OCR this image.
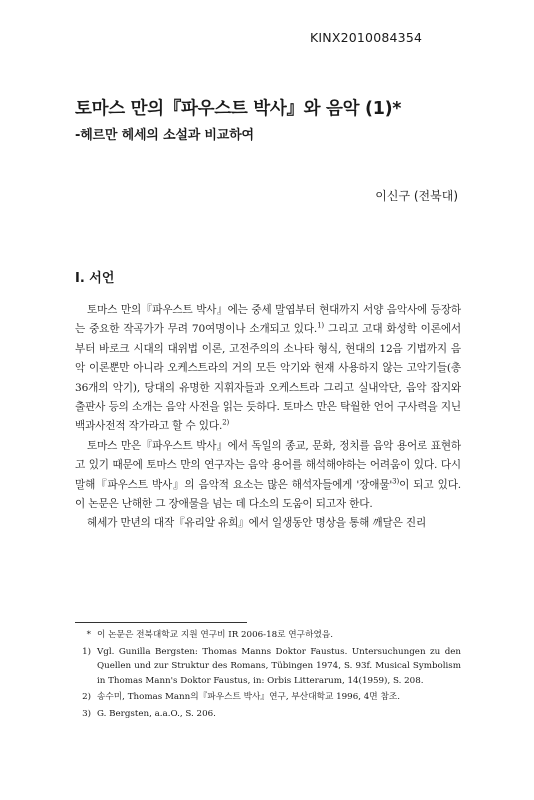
KINX2010084354
토마스 만의『파우스트 박사』와 음악 (1)*
-헤르만 헤세의 소설과 비교하여
이신구 (전북대)
I. 서언

토마스 만의『파우스트 박사』에는 중세 말엽부터 현대까지 서양 음악사에 등장하는 중요한 작곡가가 무려 70여명이나 소개되고 있다.$^{1)}$ 그리고 고대 화성학 이론에서부터 바로크 시대의 대위법 이론, 고전주의의 소나타 형식, 현대의 12음 기법까지 음악 이론뿐만 아니라 오케스트라의 거의 모든 악기와 현재 사용하지 않는 고악기들(총 36개의 악기), 당대의 유명한 지휘자들과 오케스트라 그리고 실내악단, 음악 잡지와 출판사 등의 소개는 음악 사전을 읽는 듯하다. 토마스 만은 탁월한 언어 구사력을 지닌 백과사전적 작가라고 할 수 있다.$^{2)}$

토마스 만은『파우스트 박사』에서 독일의 종교, 문화, 정치를 음악 용어로 표현하고 있기 때문에 토마스 만의 연구자는 음악 용어를 해석해야하는 어려움이 있다. 다시 말해『파우스트 박사』의 음악적 요소는 많은 해석자들에게 '장애물'$^{3)}$이 되고 있다. 이 논문은 난해한 그 장애물을 넘는 데 다소의 도움이 되고자 한다.

헤세가 만년의 대작『유리알 유희』에서 일생동안 명상을 통해 깨달은 진리

* 이 논문은 전북대학교 지원 연구비 IR 2006-18로 연구하였음.
1) Vgl. Gunilla Bergsten: Thomas Manns Doktor Faustus. Untersuchungen zu den Quellen und zur Struktur des Romans, Tübingen 1974, S. 93f. Musical Symbolism in Thomas Mann's Doktor Faustus, in: Orbis Litterarum, 14(1959), S. 208.
2) 송수미, Thomas Mann의『파우스트 박사』연구, 부산대학교 1996, 4면 참조.
3) G. Bergsten, a.a.O., S. 206.
